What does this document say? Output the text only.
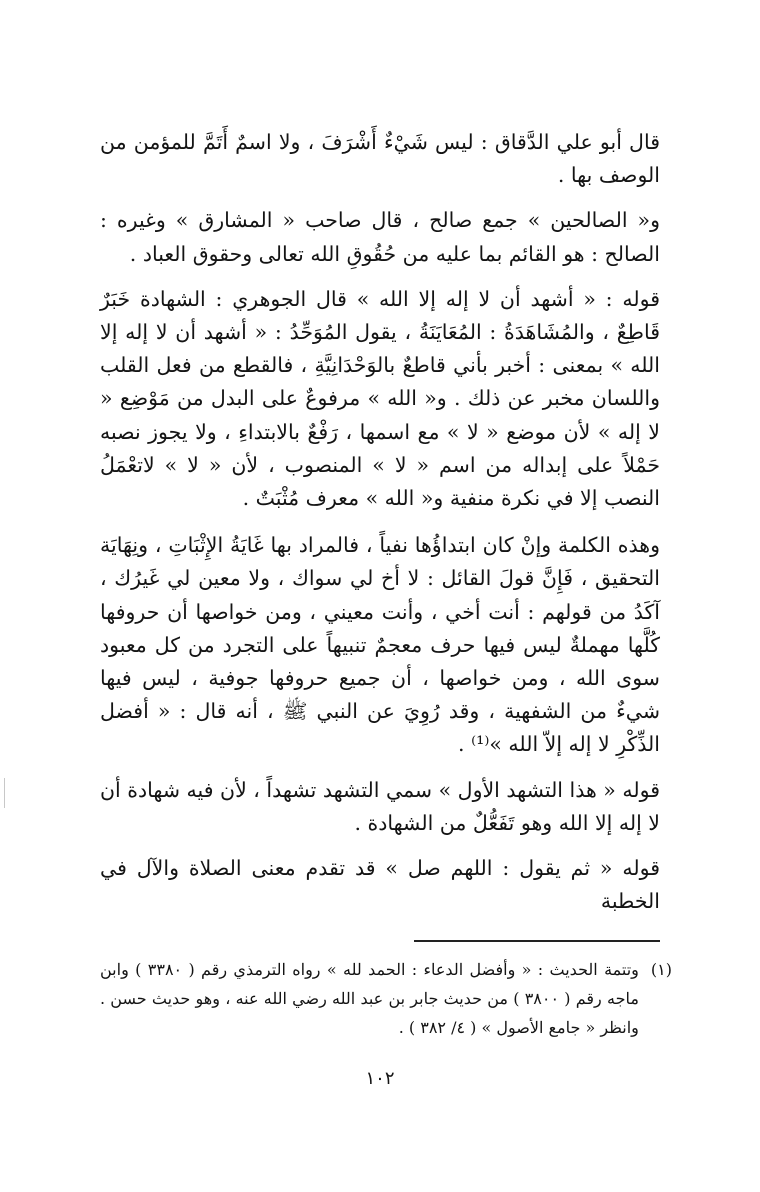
قال أبو علي الدَّقاق : ليس شَيْءٌ أَشْرَفَ ، ولا اسمٌ أَتَمَّ للمؤمن من الوصف بها .

و« الصالحين » جمع صالح ، قال صاحب « المشارق » وغيره : الصالح : هو القائم بما عليه من حُقُوقِ الله تعالى وحقوق العباد .

قوله : « أشهد أن لا إله إلا الله » قال الجوهري : الشهادة خَبَرٌ قَاطِعٌ ، والمُشَاهَدَةُ : المُعَايَنَةُ ، يقول المُوَحِّدُ : « أشهد أن لا إله إلا الله » بمعنى : أخبر بأني قاطعٌ بالوَحْدَانِيَّةِ ، فالقطع من فعل القلب واللسان مخبر عن ذلك . و« الله » مرفوعٌ على البدل من مَوْضِع « لا إله » لأن موضع « لا » مع اسمها ، رَفْعٌ بالابتداءِ ، ولا يجوز نصبه حَمْلاً على إبداله من اسم « لا » المنصوب ، لأن « لا » لاتعْمَلُ النصب إلا في نكرة منفية و« الله » معرف مُثْبَتٌ .

وهذه الكلمة وإنْ كان ابتداؤُها نفياً ، فالمراد بها غَايَةُ الإِثْبَاتِ ، ونِهَايَة التحقيق ، فَإِنَّ قولَ القائل : لا أخ لي سواك ، ولا معين لي غَيرُك ، آكَدُ من قولهم : أنت أخي ، وأنت معيني ، ومن خواصها أن حروفها كُلَّها مهملةٌ ليس فيها حرف معجمٌ تنبيهاً على التجرد من كل معبود سوى الله ، ومن خواصها ، أن جميع حروفها جوفية ، ليس فيها شيءٌ من الشفهية ، وقد رُوِيَ عن النبي ﷺ ، أنه قال : « أفضل الذِّكْرِ لا إله إلاّ الله »⁽¹⁾ .

قوله « هذا التشهد الأول » سمي التشهد تشهداً ، لأن فيه شهادة أن لا إله إلا الله وهو تَفَعُّلٌ من الشهادة .

قوله « ثم يقول : اللهم صل » قد تقدم معنى الصلاة والآل في الخطبة

(١)
وتتمة الحديث : « وأفضل الدعاء : الحمد لله » رواه الترمذي رقم ( ٣٣٨٠ ) وابن ماجه رقم ( ٣٨٠٠ ) من حديث جابر بن عبد الله رضي الله عنه ، وهو حديث حسن . وانظر « جامع الأصول » ( ٤/ ٣٨٢ ) .
١٠٢
